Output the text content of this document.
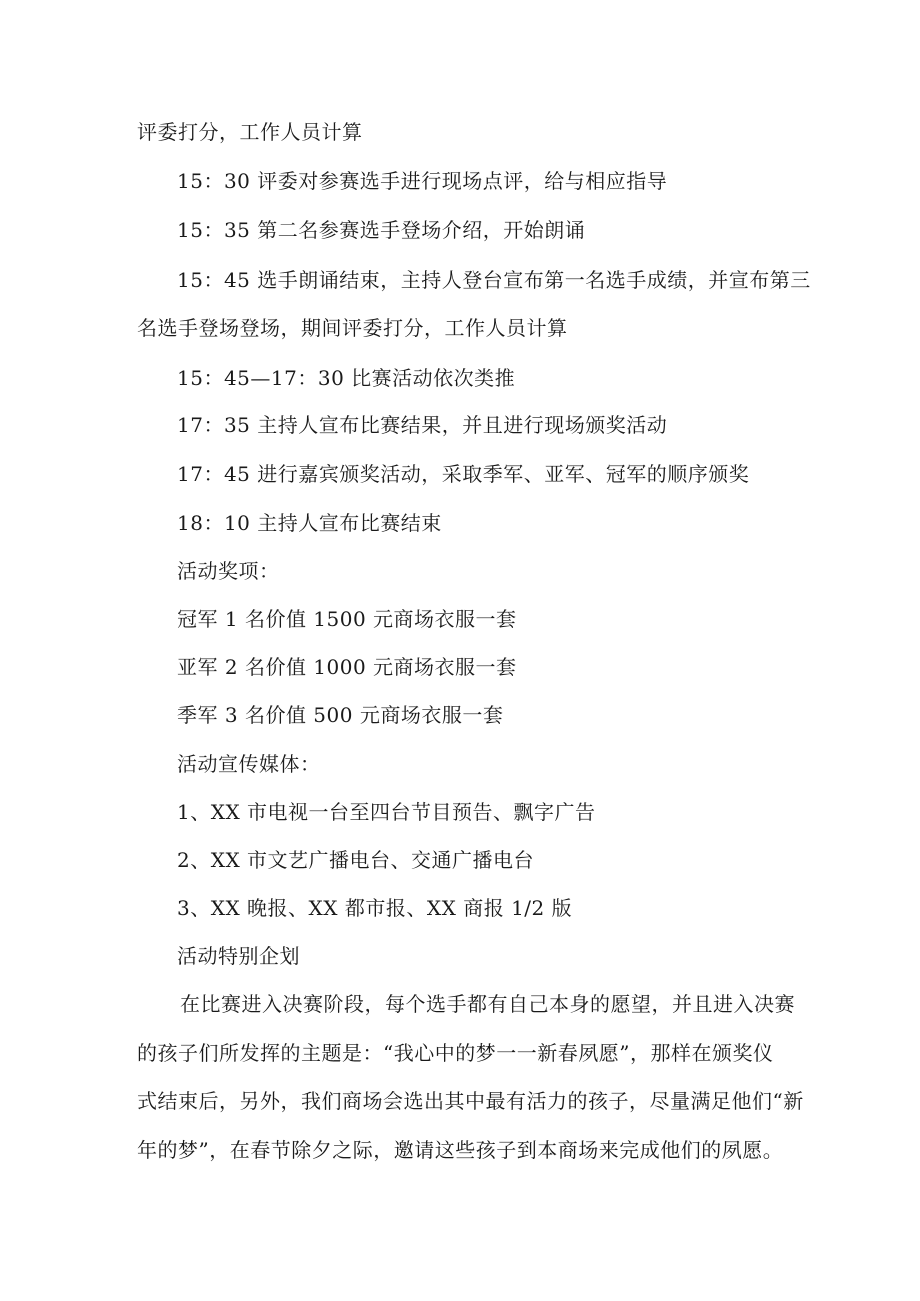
评委打分，工作人员计算
15：30 评委对参赛选手进行现场点评，给与相应指导
15：35 第二名参赛选手登场介绍，开始朗诵
15：45 选手朗诵结束，主持人登台宣布第一名选手成绩，并宣布第三
名选手登场登场，期间评委打分，工作人员计算
15：45—17：30 比赛活动依次类推
17：35 主持人宣布比赛结果，并且进行现场颁奖活动
17：45 进行嘉宾颁奖活动，采取季军、亚军、冠军的顺序颁奖
18：10 主持人宣布比赛结束
活动奖项：
冠军 1 名价值 1500 元商场衣服一套
亚军 2 名价值 1000 元商场衣服一套
季军 3 名价值 500 元商场衣服一套
活动宣传媒体：
1、XX 市电视一台至四台节目预告、飘字广告
2、XX 市文艺广播电台、交通广播电台
3、XX 晚报、XX 都市报、XX 商报 1/2 版
活动特别企划
在比赛进入决赛阶段，每个选手都有自己本身的愿望，并且进入决赛
的孩子们所发挥的主题是：“我心中的梦一一新春夙愿”，那样在颁奖仪
式结束后，另外，我们商场会选出其中最有活力的孩子，尽量满足他们“新
年的梦”，在春节除夕之际，邀请这些孩子到本商场来完成他们的夙愿。
